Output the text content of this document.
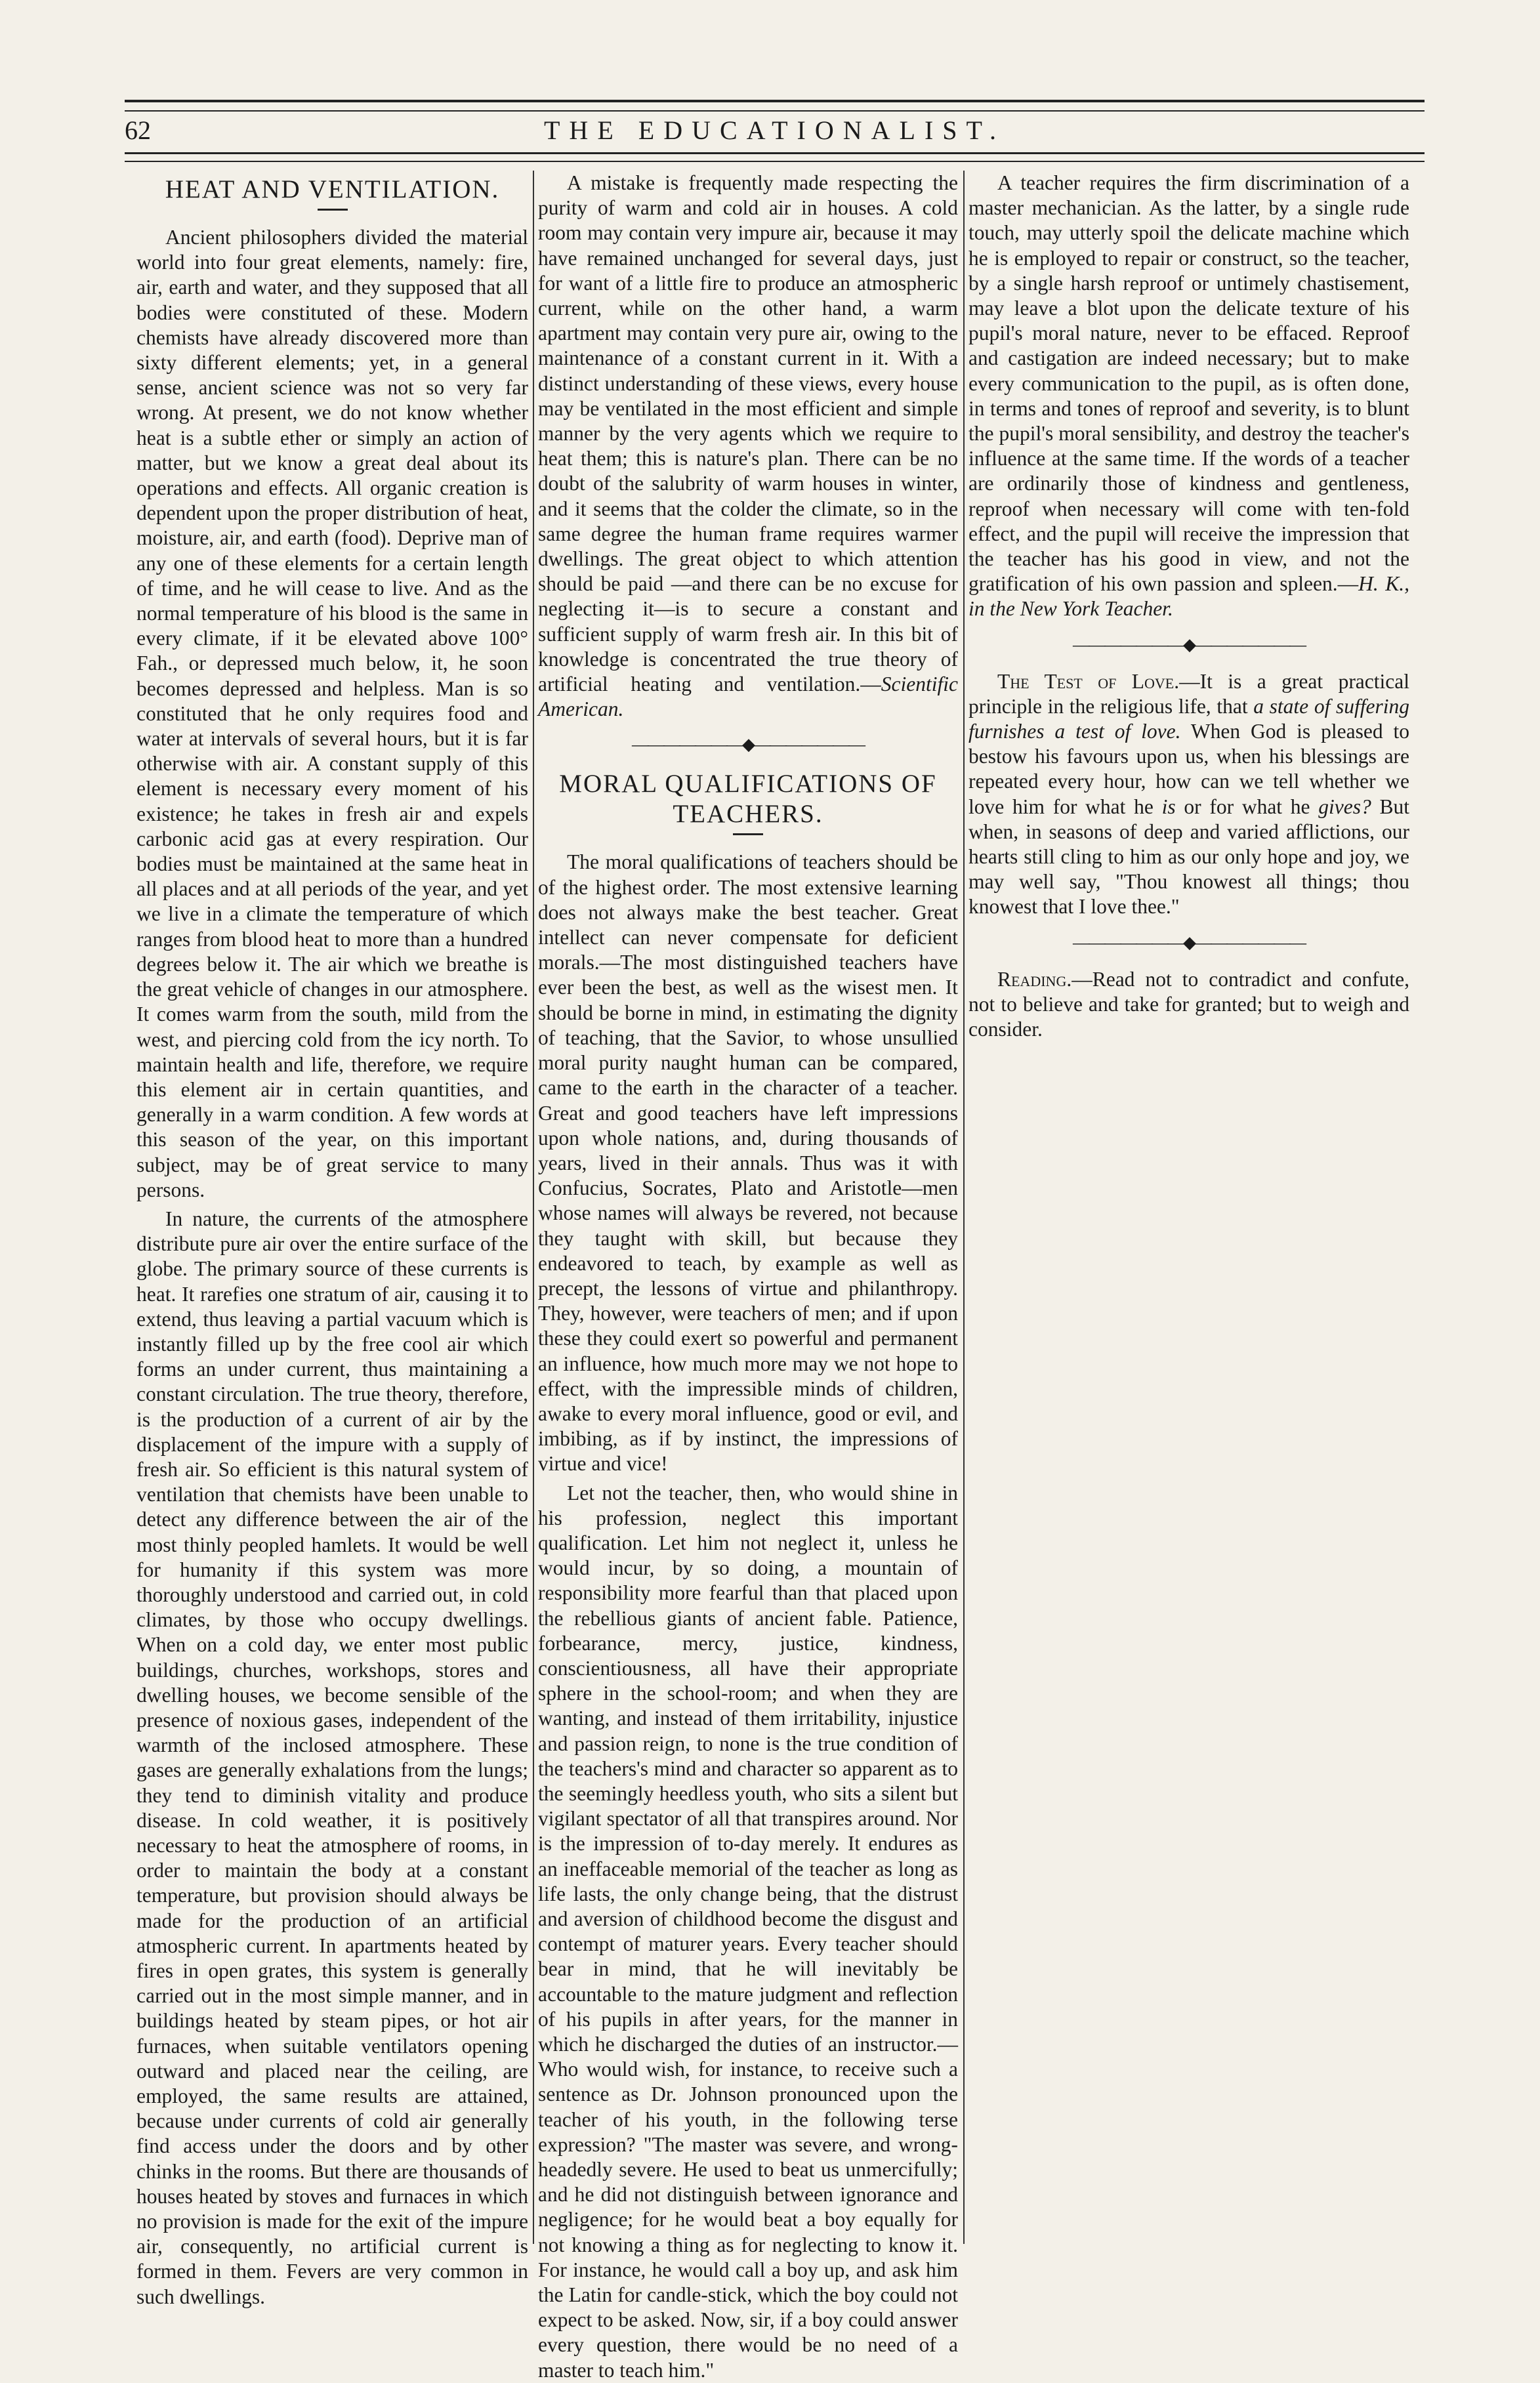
62	THE EDUCATIONALIST.
HEAT AND VENTILATION.

Ancient philosophers divided the material world into four great elements, namely: fire, air, earth and water, and they supposed that all bodies were constituted of these. Modern chemists have already discovered more than sixty different elements; yet, in a general sense, ancient science was not so very far wrong. At present, we do not know whether heat is a subtle ether or simply an action of matter, but we know a great deal about its operations and effects. All organic creation is dependent upon the proper distribution of heat, moisture, air, and earth (food). Deprive man of any one of these elements for a certain length of time, and he will cease to live. And as the normal temperature of his blood is the same in every climate, if it be elevated above 100° Fah., or depressed much below, it, he soon becomes depressed and helpless. Man is so constituted that he only requires food and water at intervals of several hours, but it is far otherwise with air. A constant supply of this element is necessary every moment of his existence; he takes in fresh air and expels carbonic acid gas at every respiration. Our bodies must be maintained at the same heat in all places and at all periods of the year, and yet we live in a climate the temperature of which ranges from blood heat to more than a hundred degrees below it. The air which we breathe is the great vehicle of changes in our atmosphere. It comes warm from the south, mild from the west, and piercing cold from the icy north. To maintain health and life, therefore, we require this element air in certain quantities, and generally in a warm condition. A few words at this season of the year, on this important subject, may be of great service to many persons.

In nature, the currents of the atmosphere distribute pure air over the entire surface of the globe. The primary source of these currents is heat. It rarefies one stratum of air, causing it to extend, thus leaving a partial vacuum which is instantly filled up by the free cool air which forms an under current, thus maintaining a constant circulation. The true theory, therefore, is the production of a current of air by the displacement of the impure with a supply of fresh air. So efficient is this natural system of ventilation that chemists have been unable to detect any difference between the air of the most thinly peopled hamlets. It would be well for humanity if this system was more thoroughly understood and carried out, in cold climates, by those who occupy dwellings. When on a cold day, we enter most public buildings, churches, workshops, stores and dwelling houses, we become sensible of the presence of noxious gases, independent of the warmth of the inclosed atmosphere. These gases are generally exhalations from the lungs; they tend to diminish vitality and produce disease. In cold weather, it is positively necessary to heat the atmosphere of rooms, in order to maintain the body at a constant temperature, but provision should always be made for the production of an artificial atmospheric current. In apartments heated by fires in open grates, this system is generally carried out in the most simple manner, and in buildings heated by steam pipes, or hot air furnaces, when suitable ventilators opening outward and placed near the ceiling, are employed, the same results are attained, because under currents of cold air generally find access under the doors and by other chinks in the rooms. But there are thousands of houses heated by stoves and furnaces in which no provision is made for the exit of the impure air, consequently, no artificial current is formed in them. Fevers are very common in such dwellings.

A mistake is frequently made respecting the purity of warm and cold air in houses. A cold room may contain very impure air, because it may have remained unchanged for several days, just for want of a little fire to produce an atmospheric current, while on the other hand, a warm apartment may contain very pure air, owing to the maintenance of a constant current in it. With a distinct understanding of these views, every house may be ventilated in the most efficient and simple manner by the very agents which we require to heat them; this is nature's plan. There can be no doubt of the salubrity of warm houses in winter, and it seems that the colder the climate, so in the same degree the human frame requires warmer dwellings. The great object to which attention should be paid —and there can be no excuse for neglecting it—is to secure a constant and sufficient supply of warm fresh air. In this bit of knowledge is concentrated the true theory of artificial heating and ventilation.—Scientific American.

———————◆———————
MORAL QUALIFICATIONS OF TEACHERS.

The moral qualifications of teachers should be of the highest order. The most extensive learning does not always make the best teacher. Great intellect can never compensate for deficient morals.—The most distinguished teachers have ever been the best, as well as the wisest men. It should be borne in mind, in estimating the dignity of teaching, that the Savior, to whose unsullied moral purity naught human can be compared, came to the earth in the character of a teacher. Great and good teachers have left impressions upon whole nations, and, during thousands of years, lived in their annals. Thus was it with Confucius, Socrates, Plato and Aristotle—men whose names will always be revered, not because they taught with skill, but because they endeavored to teach, by example as well as precept, the lessons of virtue and philanthropy. They, however, were teachers of men; and if upon these they could exert so powerful and permanent an influence, how much more may we not hope to effect, with the impressible minds of children, awake to every moral influence, good or evil, and imbibing, as if by instinct, the impressions of virtue and vice!

Let not the teacher, then, who would shine in his profession, neglect this important qualification. Let him not neglect it, unless he would incur, by so doing, a mountain of responsibility more fearful than that placed upon the rebellious giants of ancient fable. Patience, forbearance, mercy, justice, kindness, conscientiousness, all have their appropriate sphere in the school-room; and when they are wanting, and instead of them irritability, injustice and passion reign, to none is the true condition of the teachers's mind and character so apparent as to the seemingly heedless youth, who sits a silent but vigilant spectator of all that transpires around. Nor is the impression of to-day merely. It endures as an ineffaceable memorial of the teacher as long as life lasts, the only change being, that the distrust and aversion of childhood become the disgust and contempt of maturer years. Every teacher should bear in mind, that he will inevitably be accountable to the mature judgment and reflection of his pupils in after years, for the manner in which he discharged the duties of an instructor.—Who would wish, for instance, to receive such a sentence as Dr. Johnson pronounced upon the teacher of his youth, in the following terse expression? "The master was severe, and wrong-headedly severe. He used to beat us unmercifully; and he did not distinguish between ignorance and negligence; for he would beat a boy equally for not knowing a thing as for neglecting to know it. For instance, he would call a boy up, and ask him the Latin for candle-stick, which the boy could not expect to be asked. Now, sir, if a boy could answer every question, there would be no need of a master to teach him."

A teacher requires the firm discrimination of a master mechanician. As the latter, by a single rude touch, may utterly spoil the delicate machine which he is employed to repair or construct, so the teacher, by a single harsh reproof or untimely chastisement, may leave a blot upon the delicate texture of his pupil's moral nature, never to be effaced. Reproof and castigation are indeed necessary; but to make every communication to the pupil, as is often done, in terms and tones of reproof and severity, is to blunt the pupil's moral sensibility, and destroy the teacher's influence at the same time. If the words of a teacher are ordinarily those of kindness and gentleness, reproof when necessary will come with ten-fold effect, and the pupil will receive the impression that the teacher has his good in view, and not the gratification of his own passion and spleen.—H. K., in the New York Teacher.

———————◆———————

The Test of Love.—It is a great practical principle in the religious life, that a state of suffering furnishes a test of love. When God is pleased to bestow his favours upon us, when his blessings are repeated every hour, how can we tell whether we love him for what he is or for what he gives? But when, in seasons of deep and varied afflictions, our hearts still cling to him as our only hope and joy, we may well say, "Thou knowest all things; thou knowest that I love thee."

———————◆———————

Reading.—Read not to contradict and confute, not to believe and take for granted; but to weigh and consider.
